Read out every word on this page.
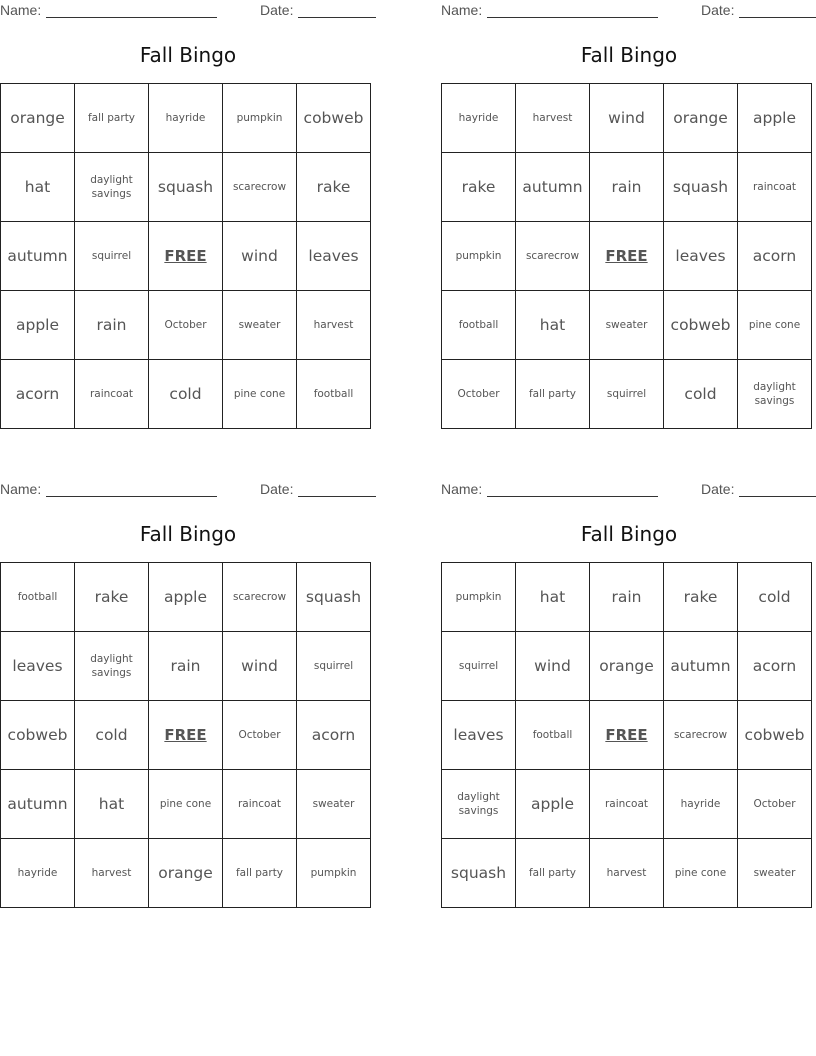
Name:	Date:
Fall Bingo
orange	fall party	hayride	pumpkin	cobweb
hat	daylight savings	squash	scarecrow	rake
autumn	squirrel	FREE	wind	leaves
apple	rain	October	sweater	harvest
acorn	raincoat	cold	pine cone	football
Name:	Date:
Fall Bingo
hayride	harvest	wind	orange	apple
rake	autumn	rain	squash	raincoat
pumpkin	scarecrow	FREE	leaves	acorn
football	hat	sweater	cobweb	pine cone
October	fall party	squirrel	cold	daylight savings
Name:	Date:
Fall Bingo
football	rake	apple	scarecrow	squash
leaves	daylight savings	rain	wind	squirrel
cobweb	cold	FREE	October	acorn
autumn	hat	pine cone	raincoat	sweater
hayride	harvest	orange	fall party	pumpkin
Name:	Date:
Fall Bingo
pumpkin	hat	rain	rake	cold
squirrel	wind	orange	autumn	acorn
leaves	football	FREE	scarecrow	cobweb
daylight savings	apple	raincoat	hayride	October
squash	fall party	harvest	pine cone	sweater
